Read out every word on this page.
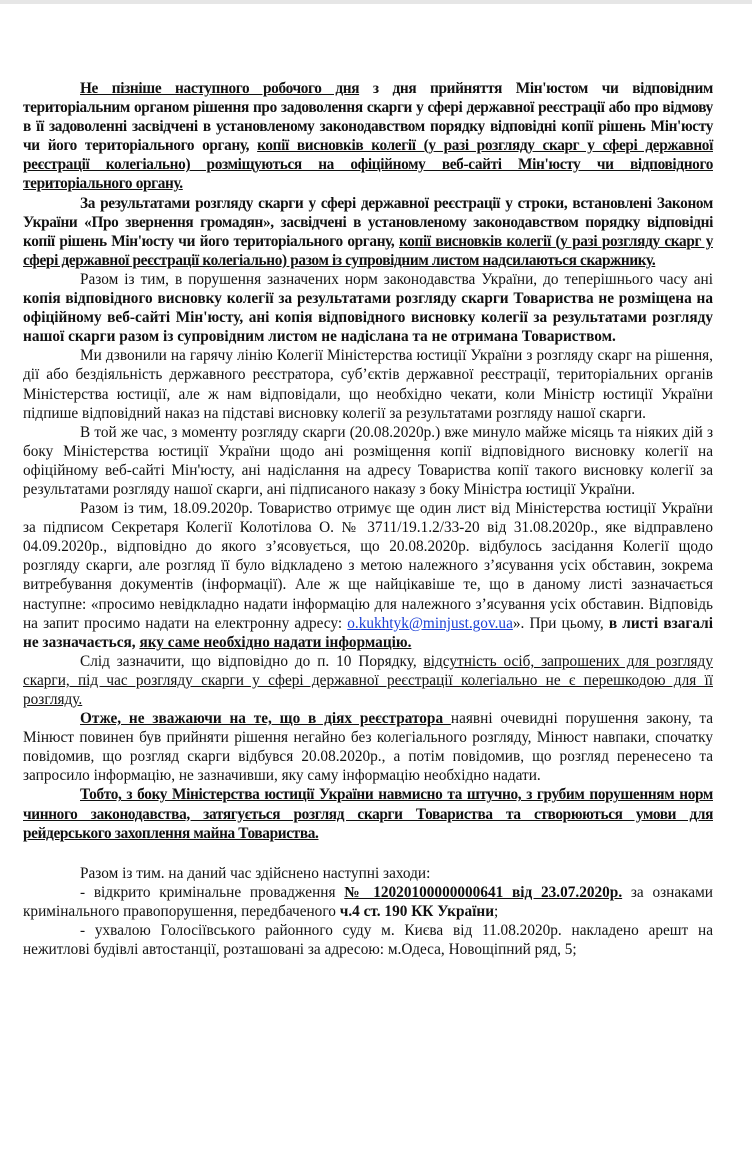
Не пізніше наступного робочого дня з дня прийняття Мін'юстом чи відповідним територіальним органом рішення про задоволення скарги у сфері державної реєстрації або про відмову в її задоволенні засвідчені в установленому законодавством порядку відповідні копії рішень Мін'юсту чи його територіального органу, копії висновків колегії (у разі розгляду скарг у сфері державної реєстрації колегіально) розміщуються на офіційному веб-сайті Мін'юсту чи відповідного територіального органу.

За результатами розгляду скарги у сфері державної реєстрації у строки, встановлені Законом України «Про звернення громадян», засвідчені в установленому законодавством порядку відповідні копії рішень Мін'юсту чи його територіального органу, копії висновків колегії (у разі розгляду скарг у сфері державної реєстрації колегіально) разом із супровідним листом надсилаються скаржнику.

Разом із тим, в порушення зазначених норм законодавства України, до теперішнього часу ані копія відповідного висновку колегії за результатами розгляду скарги Товариства не розміщена на офіційному веб-сайті Мін'юсту, ані копія відповідного висновку колегії за результатами розгляду нашої скарги разом із супровідним листом не надіслана та не отримана Товариством.

Ми дзвонили на гарячу лінію Колегії Міністерства юстиції України з розгляду скарг на рішення, дії або бездіяльність державного реєстратора, суб’єктів державної реєстрації, територіальних органів Міністерства юстиції, але ж нам відповідали, що необхідно чекати, коли Міністр юстиції України підпише відповідний наказ на підставі висновку колегії за результатами розгляду нашої скарги.

В той же час, з моменту розгляду скарги (20.08.2020р.) вже минуло майже місяць та ніяких дій з боку Міністерства юстиції України щодо ані розміщення копії відповідного висновку колегії на офіційному веб-сайті Мін'юсту, ані надіслання на адресу Товариства копії такого висновку колегії за результатами розгляду нашої скарги, ані підписаного наказу з боку Міністра юстиції України.

Разом із тим, 18.09.2020р. Товариство отримує ще один лист від Міністерства юстиції України за підписом Секретаря Колегії Колотілова О. № 3711/19.1.2/33-20 від 31.08.2020р., яке відправлено 04.09.2020р., відповідно до якого з’ясовується, що 20.08.2020р. відбулось засідання Колегії щодо розгляду скарги, але розгляд її було відкладено з метою належного з’ясування усіх обставин, зокрема витребування документів (інформації). Але ж ще найцікавіше те, що в даному листі зазначається наступне: «просимо невідкладно надати інформацію для належного з’ясування усіх обставин. Відповідь на запит просимо надати на електронну адресу: o.kukhtyk@minjust.gov.ua». При цьому, в листі взагалі не зазначається, яку саме необхідно надати інформацію.

Слід зазначити, що відповідно до п. 10 Порядку, відсутність осіб, запрошених для розгляду скарги, під час розгляду скарги у сфері державної реєстрації колегіально не є перешкодою для її розгляду.

Отже, не зважаючи на те, що в діях реєстратора наявні очевидні порушення закону, та Мінюст повинен був прийняти рішення негайно без колегіального розгляду, Мінюст навпаки, спочатку повідомив, що розгляд скарги відбувся 20.08.2020р., а потім повідомив, що розгляд перенесено та запросило інформацію, не зазначивши, яку саму інформацію необхідно надати.

Тобто, з боку Міністерства юстиції України навмисно та штучно, з грубим порушенням норм чинного законодавства, затягується розгляд скарги Товариства та створюються умови для рейдерського захоплення майна Товариства.

Разом із тим. на даний час здійснено наступні заходи:

- відкрито кримінальне провадження № 12020100000000641 від 23.07.2020р. за ознаками кримінального правопорушення, передбаченого ч.4 ст. 190 КК України;

- ухвалою Голосіївського районного суду м. Києва від 11.08.2020р. накладено арешт на нежитлові будівлі автостанції, розташовані за адресою: м.Одеса, Новощіпний ряд, 5;
